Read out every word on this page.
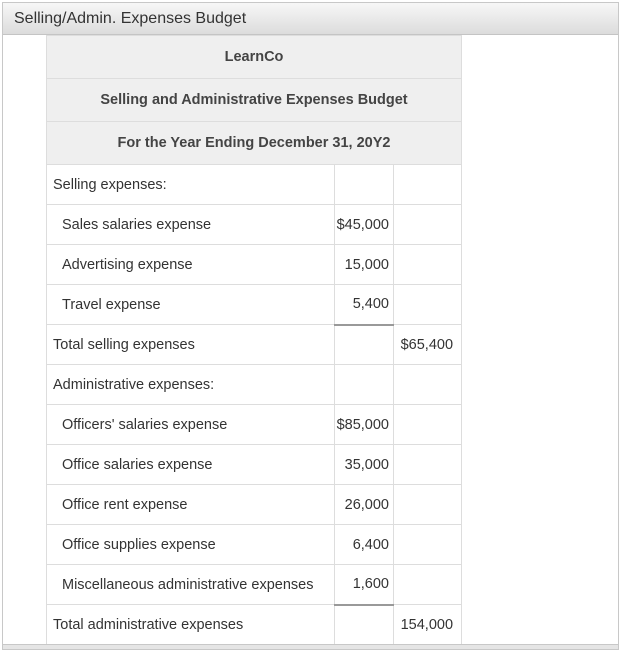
Selling/Admin. Expenses Budget
LearnCo		
Selling and Administrative Expenses Budget		
For the Year Ending December 31, 20Y2		
Selling expenses:		
Sales salaries expense	$45,000	
Advertising expense	15,000	
Travel expense	5,400	
Total selling expenses		$65,400
Administrative expenses:		
Officers' salaries expense	$85,000	
Office salaries expense	35,000	
Office rent expense	26,000	
Office supplies expense	6,400	
Miscellaneous administrative expenses	1,600	
Total administrative expenses		154,000
